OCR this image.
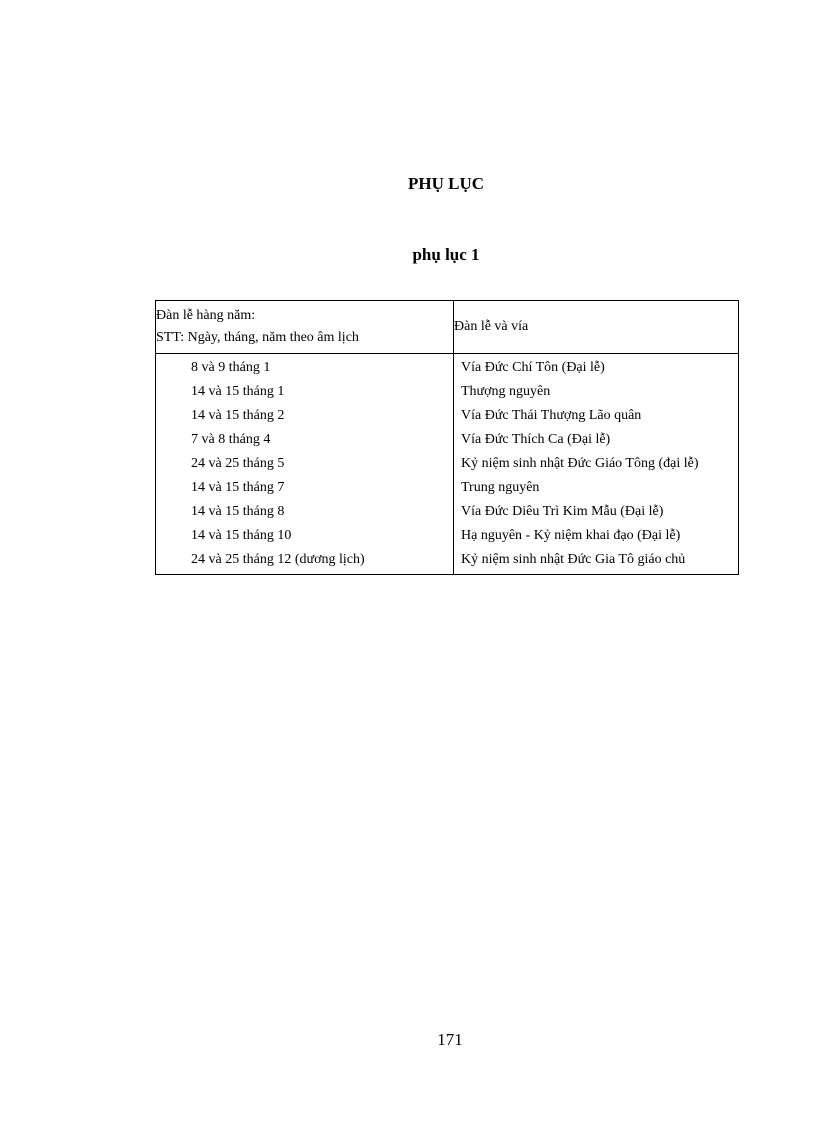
PHỤ LỤC
phụ lục 1
Đàn lễ hàng năm:
STT: Ngày, tháng, năm theo âm lịch	Đàn lễ và vía
8 và 9 tháng 1	Vía Đức Chí Tôn (Đại lễ)
14 và 15 tháng 1	Thượng nguyên
14 và 15 tháng 2	Vía Đức Thái Thượng Lão quân
7 và 8 tháng 4	Vía Đức Thích Ca (Đại lễ)
24 và 25 tháng 5	Kỷ niệm sinh nhật Đức Giáo Tông (đại lễ)
14 và 15 tháng 7	Trung nguyên
14 và 15 tháng 8	Vía Đức Diêu Trì Kim Mẫu (Đại lễ)
14 và 15 tháng 10	Hạ nguyên - Kỷ niệm khai đạo (Đại lễ)
24 và 25 tháng 12 (dương lịch)	Kỷ niệm sinh nhật Đức Gia Tô giáo chủ
171
